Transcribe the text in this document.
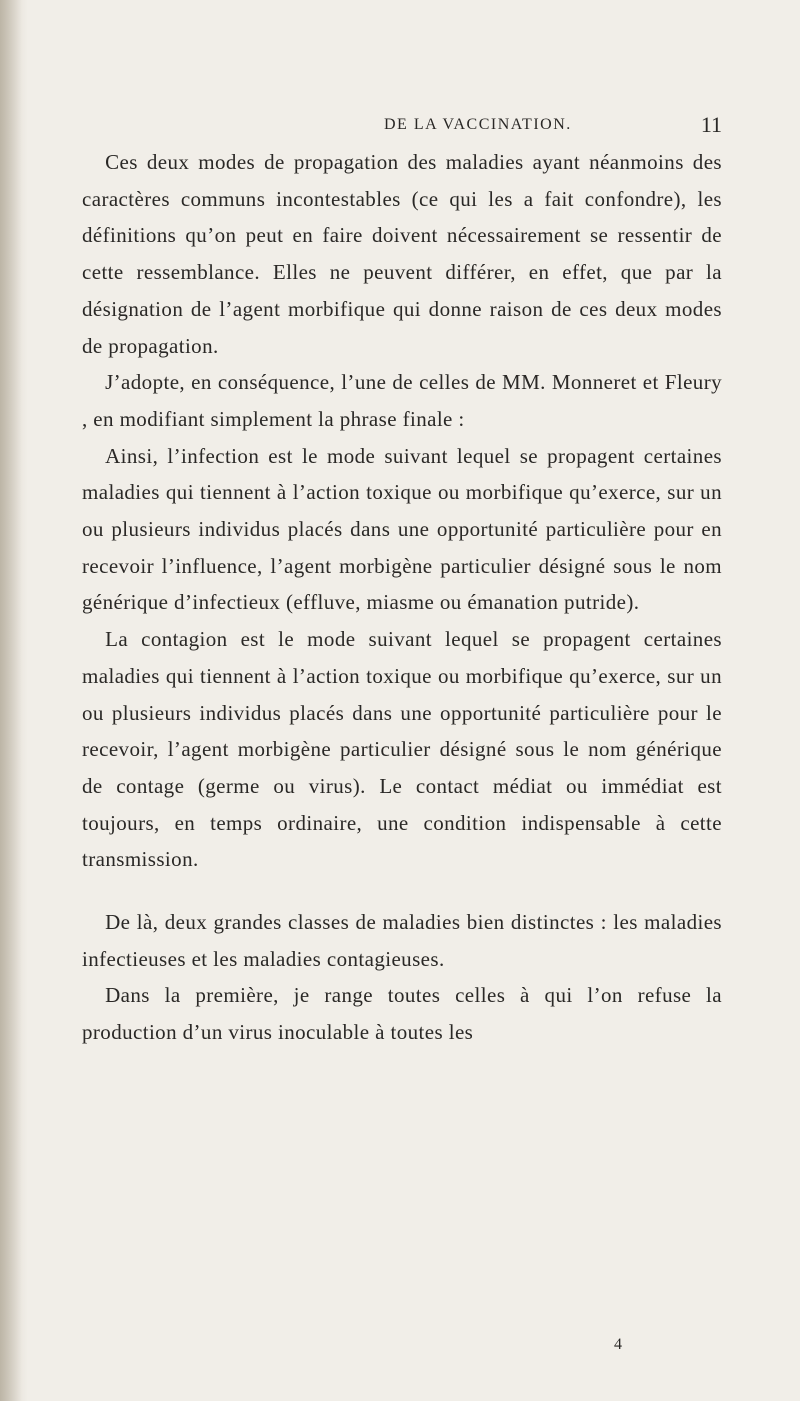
DE LA VACCINATION.	11

Ces deux modes de propagation des maladies ayant néanmoins des caractères communs incontestables (ce qui les a fait confondre), les définitions qu’on peut en faire doivent nécessairement se ressentir de cette ressemblance. Elles ne peuvent différer, en effet, que par la désignation de l’agent morbifique qui donne raison de ces deux modes de propagation.

J’adopte, en conséquence, l’une de celles de MM. Monneret et Fleury , en modifiant simplement la phrase finale :

Ainsi, l’infection est le mode suivant lequel se propagent certaines maladies qui tiennent à l’action toxique ou morbifique qu’exerce, sur un ou plusieurs individus placés dans une opportunité particulière pour en recevoir l’influence, l’agent morbigène particulier désigné sous le nom générique d’infectieux (effluve, miasme ou émanation putride).

La contagion est le mode suivant lequel se propagent certaines maladies qui tiennent à l’action toxique ou morbifique qu’exerce, sur un ou plusieurs individus placés dans une opportunité particulière pour le recevoir, l’agent morbigène particulier désigné sous le nom générique de contage (germe ou virus). Le contact médiat ou immédiat est toujours, en temps ordinaire, une condition indispensable à cette transmission.

De là, deux grandes classes de maladies bien distinctes : les maladies infectieuses et les maladies contagieuses.

Dans la première, je range toutes celles à qui l’on refuse la production d’un virus inoculable à toutes les

4
